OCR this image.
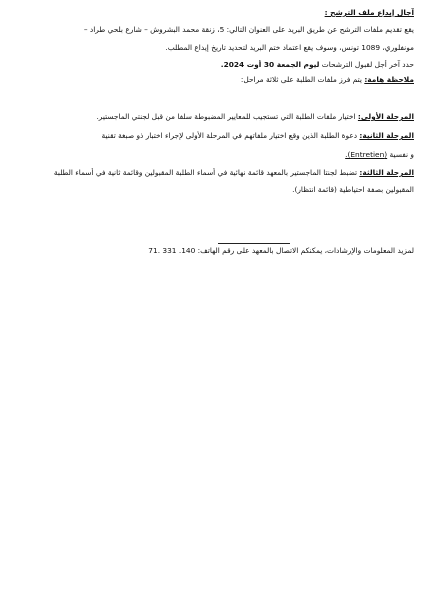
آجال إيداع ملف الترشح :
يقع تقديم ملفات الترشح عن طريق البريد على العنوان التالي: 5، زنقة محمد البشروش – شارع بلحي طراد –
مونفلوري، 1089 تونس، وسوف يقع اعتماد ختم البريد لتحديد تاريخ إيداع المطلب.
حدد آخر أجل لقبول الترشحات ليوم الجمعة 30 أوت 2024.
ملاحظة هامة: يتم فرز ملفات الطلبة على ثلاثة مراحل:
المرحلة الأولى: اختيار ملفات الطلبة التي تستجيب للمعايير المضبوطة سلفا من قبل لجنتي الماجستير.
المرحلة الثانية: دعوة الطلبة الذين وقع اختيار ملفاتهم في المرحلة الأولى لإجراء اختبار ذو صبغة تقنية
و نفسية (Entretien).
المرحلة الثالثة: تضبط لجنتا الماجستير بالمعهد قائمة نهائية في أسماء الطلبة المقبولين وقائمة ثانية في أسماء الطلبة
المقبولين بصفة احتياطية (قائمة انتظار).
لمزيد المعلومات والإرشادات، يمكنكم الاتصال بالمعهد على رقم الهاتف: 140. 331 .71
